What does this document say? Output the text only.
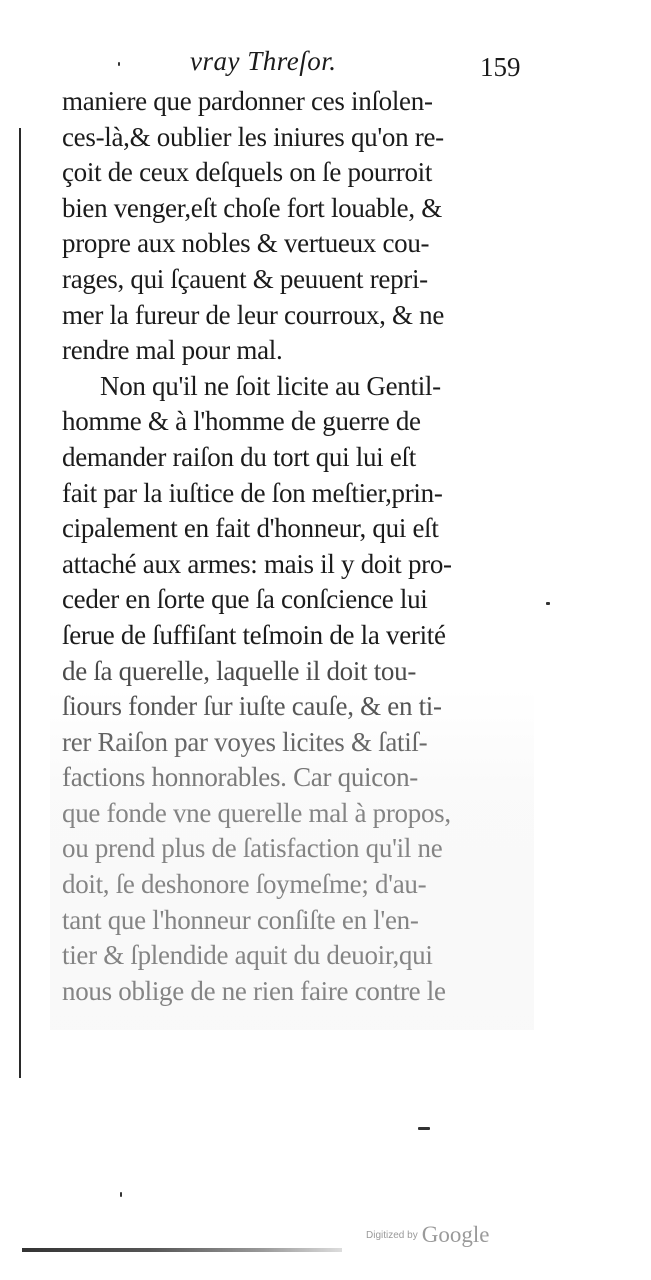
vray Threſor.	159
maniere que pardonner ces inſolen-
ces-là,& oublier les iniures qu'on re-
çoit de ceux deſquels on ſe pourroit
bien venger,eſt choſe fort louable, &
propre aux nobles & vertueux cou-
rages, qui ſçauent & peuuent repri-
mer la fureur de leur courroux, & ne
rendre mal pour mal.
Non qu'il ne ſoit licite au Gentil-
homme & à l'homme de guerre de
demander raiſon du tort qui lui eſt
fait par la iuſtice de ſon meſtier,prin-
cipalement en fait d'honneur, qui eſt
attaché aux armes: mais il y doit pro-
ceder en ſorte que ſa conſcience lui
ſerue de ſuffiſant teſmoin de la verité
de ſa querelle, laquelle il doit tou-
ſiours fonder ſur iuſte cauſe, & en ti-
rer Raiſon par voyes licites & ſatiſ-
factions honnorables. Car quicon-
que fonde vne querelle mal à propos,
ou prend plus de ſatisfaction qu'il ne
doit, ſe deshonore ſoymeſme; d'au-
tant que l'honneur conſiſte en l'en-
tier & ſplendide aquit du deuoir,qui
nous oblige de ne rien faire contre le
Digitized by Google
